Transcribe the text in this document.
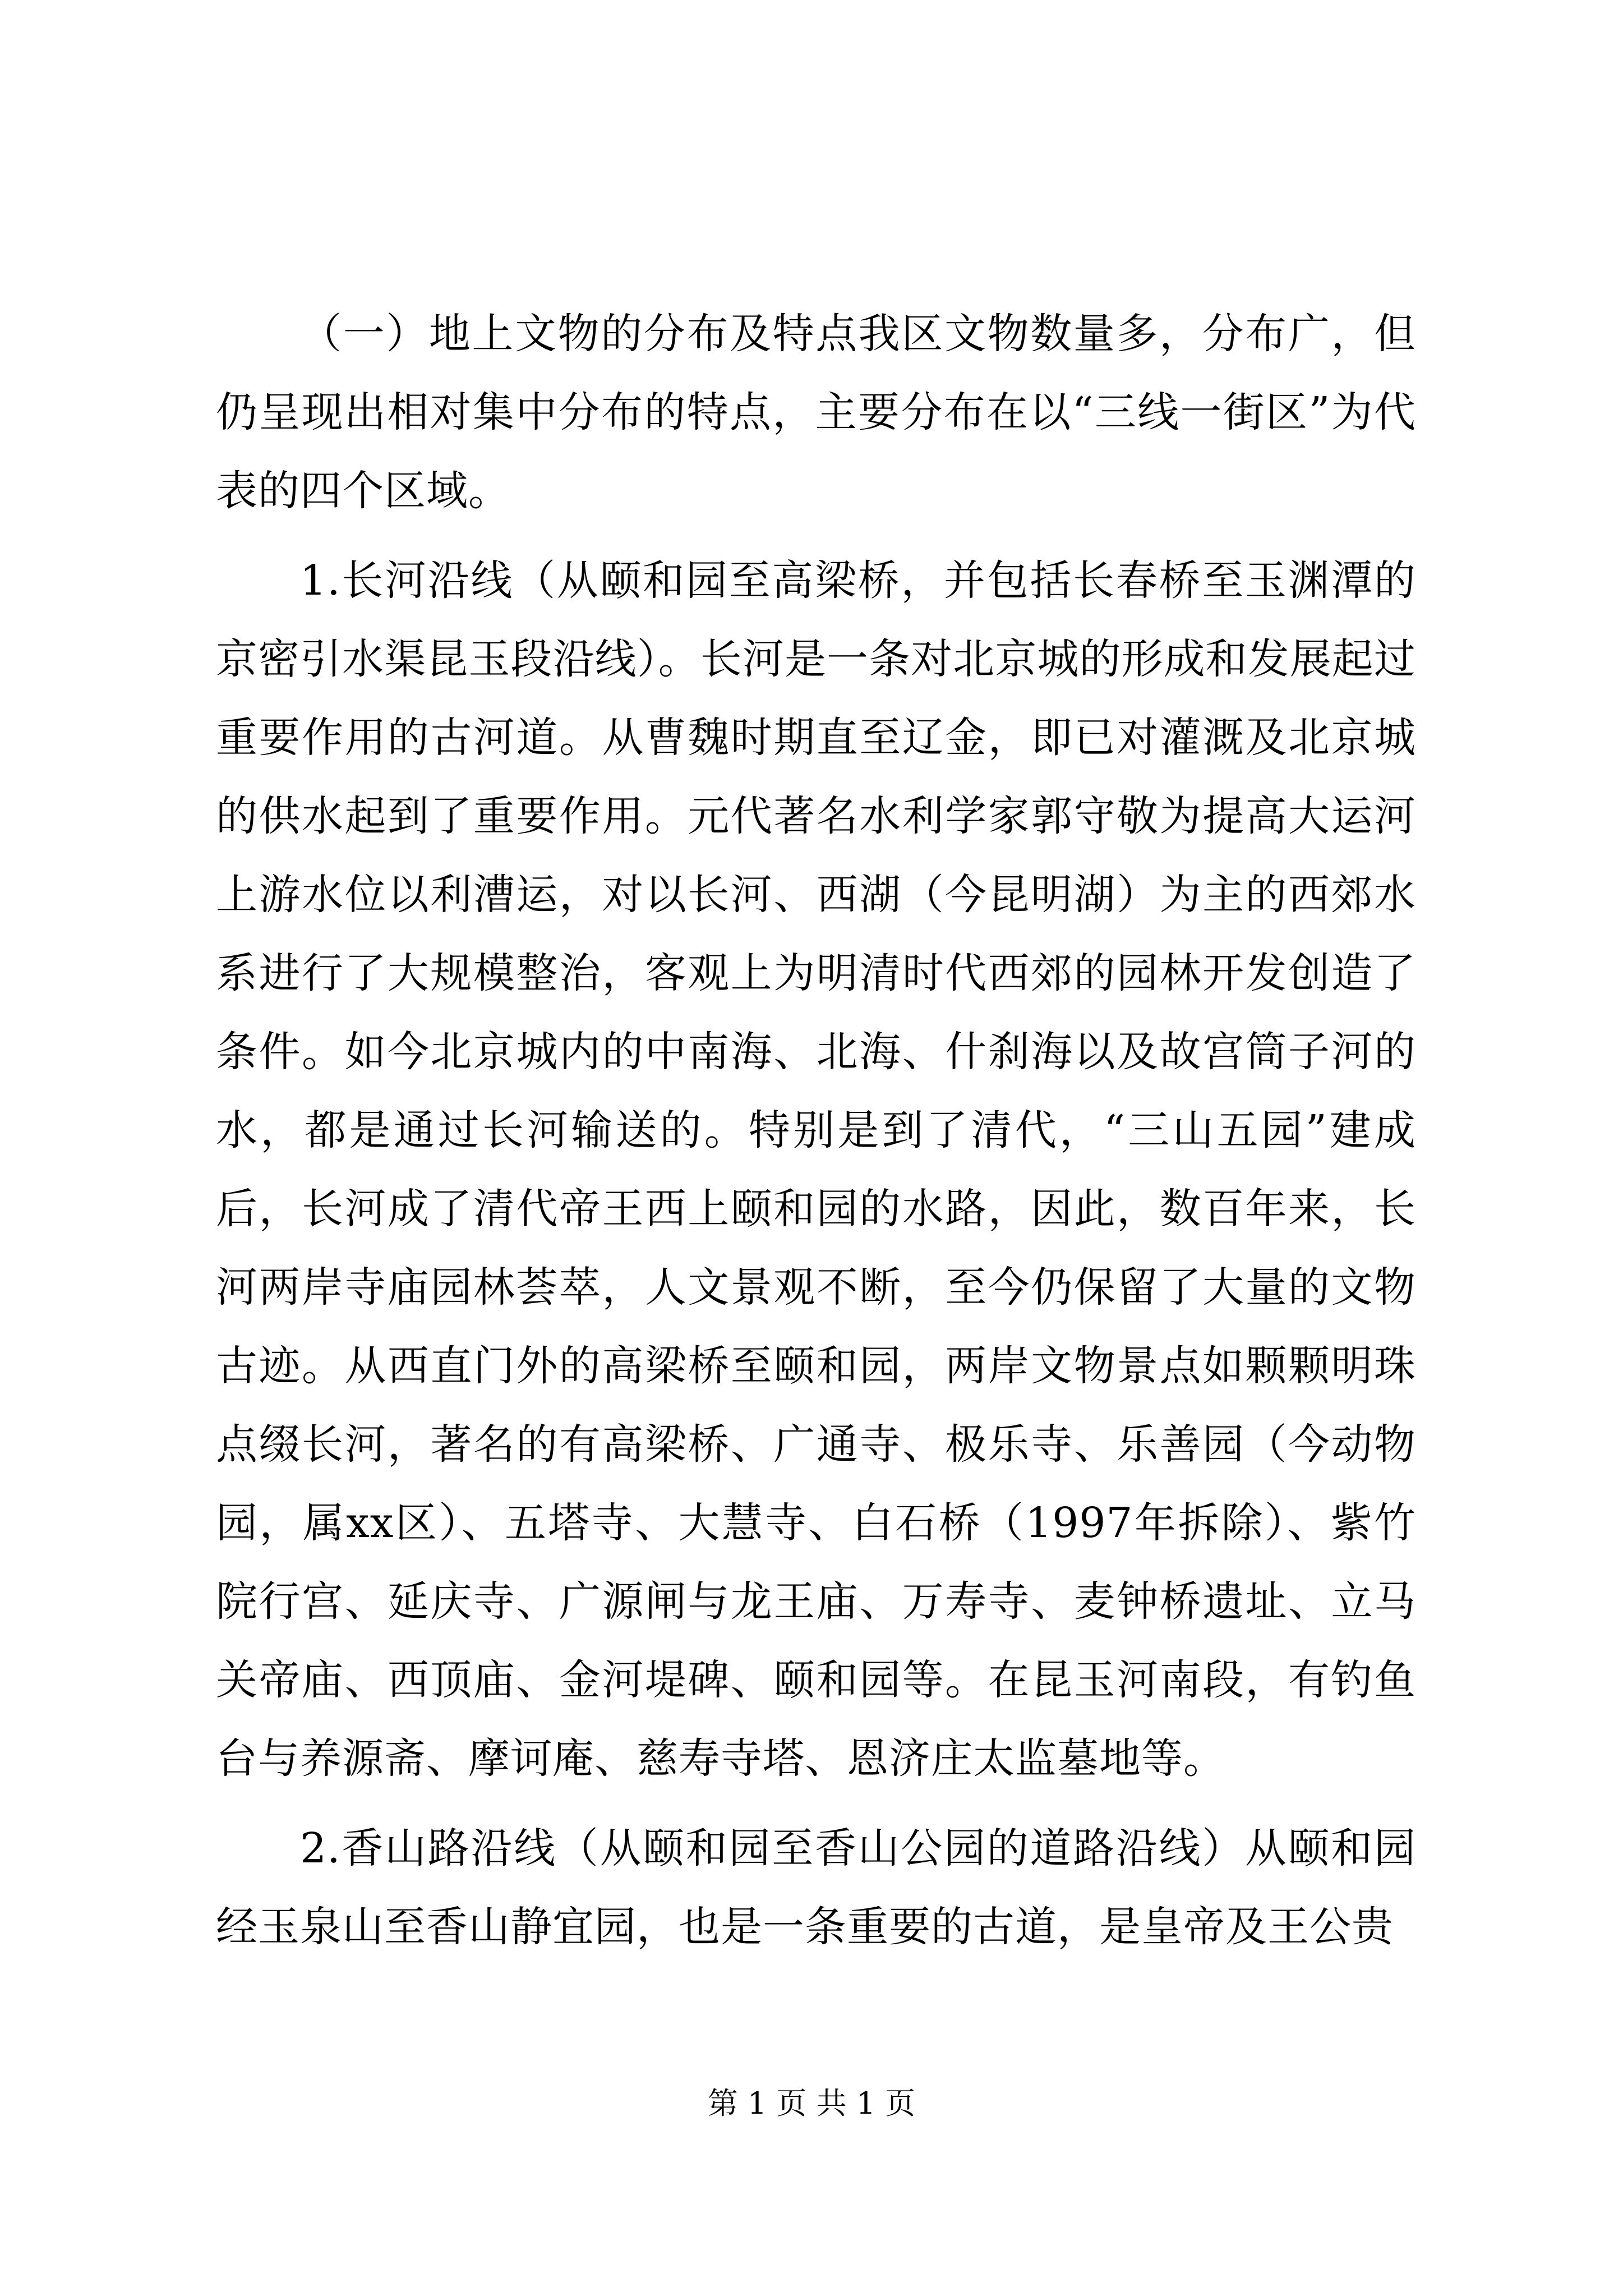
（一）地上文物的分布及特点我区文物数量多，分布广，但仍呈现出相对集中分布的特点，主要分布在以“三线一街区”为代表的四个区域。

1.长河沿线（从颐和园至高梁桥，并包括长春桥至玉渊潭的京密引水渠昆玉段沿线）。长河是一条对北京城的形成和发展起过重要作用的古河道。从曹魏时期直至辽金，即已对灌溉及北京城的供水起到了重要作用。元代著名水利学家郭守敬为提高大运河上游水位以利漕运，对以长河、西湖（今昆明湖）为主的西郊水系进行了大规模整治，客观上为明清时代西郊的园林开发创造了条件。如今北京城内的中南海、北海、什刹海以及故宫筒子河的水，都是通过长河输送的。特别是到了清代，“三山五园”建成后，长河成了清代帝王西上颐和园的水路，因此，数百年来，长河两岸寺庙园林荟萃，人文景观不断，至今仍保留了大量的文物古迹。从西直门外的高梁桥至颐和园，两岸文物景点如颗颗明珠点缀长河，著名的有高梁桥、广通寺、极乐寺、乐善园（今动物园，属xx区）、五塔寺、大慧寺、白石桥（1997年拆除）、紫竹院行宫、延庆寺、广源闸与龙王庙、万寿寺、麦钟桥遗址、立马关帝庙、西顶庙、金河堤碑、颐和园等。在昆玉河南段，有钓鱼台与养源斋、摩诃庵、慈寿寺塔、恩济庄太监墓地等。

2.香山路沿线（从颐和园至香山公园的道路沿线）从颐和园经玉泉山至香山静宜园，也是一条重要的古道，是皇帝及王公贵

第 1 页 共 1 页
